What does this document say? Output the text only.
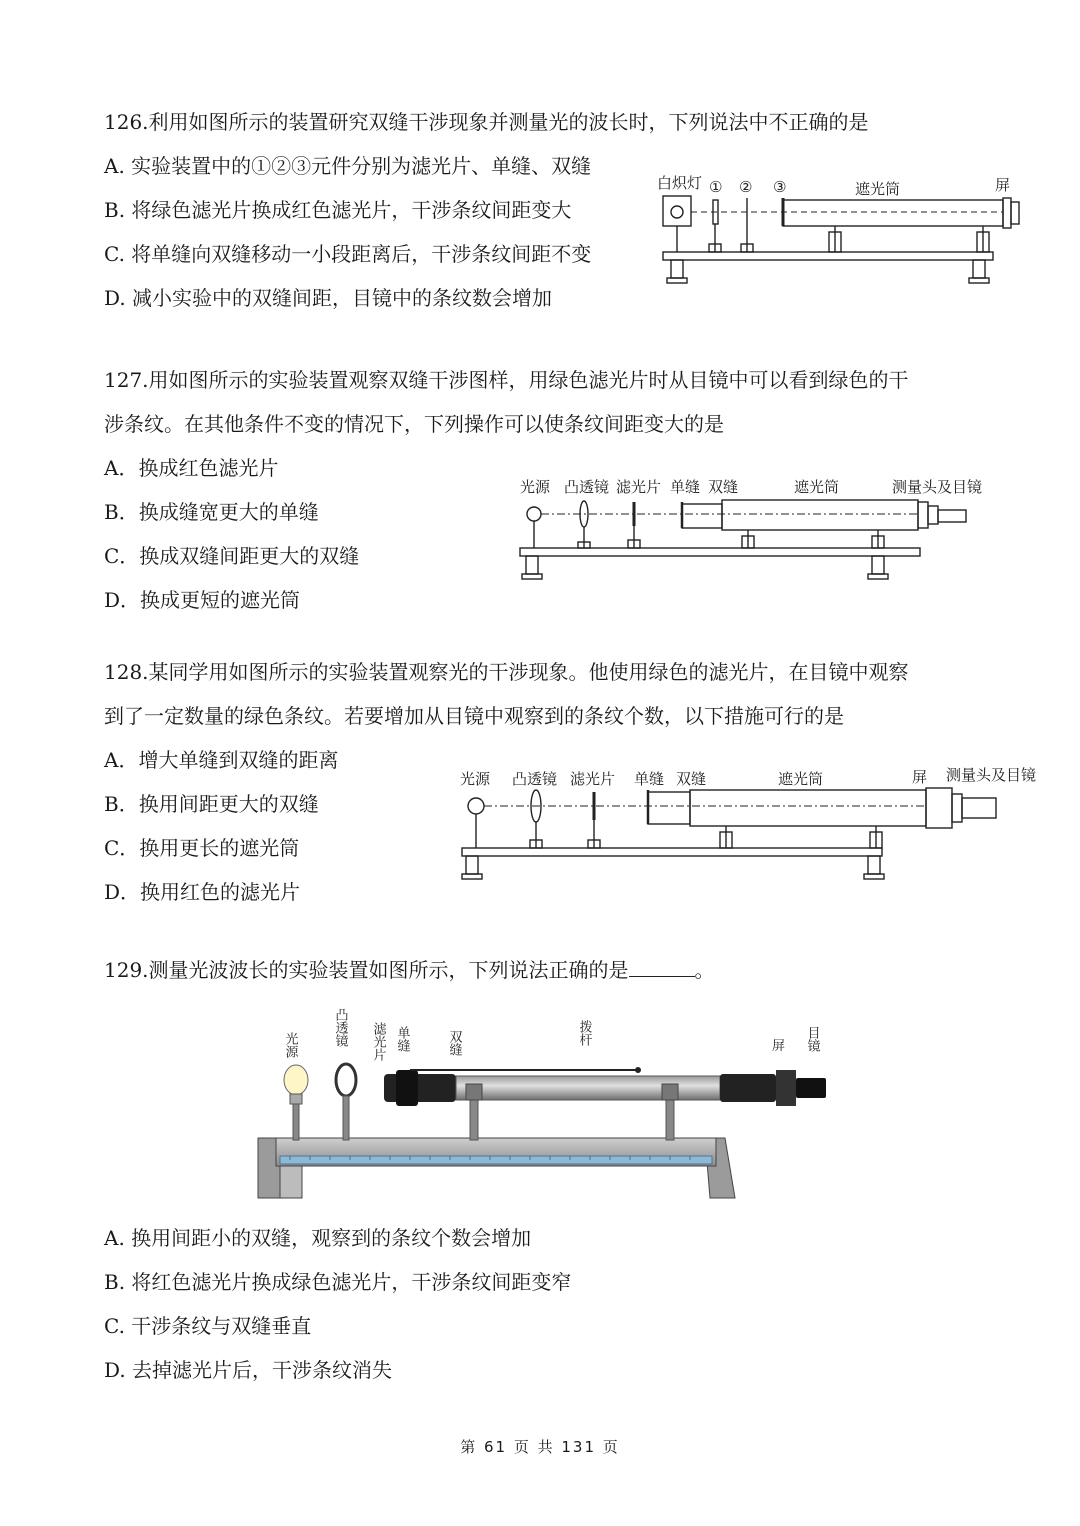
126.利用如图所示的装置研究双缝干涉现象并测量光的波长时，下列说法中不正确的是
A. 实验装置中的①②③元件分别为滤光片、单缝、双缝
B. 将绿色滤光片换成红色滤光片，干涉条纹间距变大
C. 将单缝向双缝移动一小段距离后，干涉条纹间距不变
D. 减小实验中的双缝间距，目镜中的条纹数会增加
白炽灯 ① ② ③	遮光筒	屏
127.用如图所示的实验装置观察双缝干涉图样，用绿色滤光片时从目镜中可以看到绿色的干
涉条纹。在其他条件不变的情况下，下列操作可以使条纹间距变大的是
A．换成红色滤光片
B．换成缝宽更大的单缝
C．换成双缝间距更大的双缝
D．换成更短的遮光筒
光源 凸透镜 滤光片 单缝 双缝	遮光筒	测量头及目镜
128.某同学用如图所示的实验装置观察光的干涉现象。他使用绿色的滤光片，在目镜中观察
到了一定数量的绿色条纹。若要增加从目镜中观察到的条纹个数，以下措施可行的是
A．增大单缝到双缝的距离
B．换用间距更大的双缝
C．换用更长的遮光筒
D．换用红色的滤光片
光源 凸透镜 滤光片 单缝 双缝	遮光筒	屏 测量头及目镜
129.测量光波波长的实验装置如图所示，下列说法正确的是	。
光源	凸透镜 滤光片 单缝	双缝	拨杆
屏 目镜
A. 换用间距小的双缝，观察到的条纹个数会增加
B. 将红色滤光片换成绿色滤光片，干涉条纹间距变窄
C. 干涉条纹与双缝垂直
D. 去掉滤光片后，干涉条纹消失
第 61 页 共 131 页
